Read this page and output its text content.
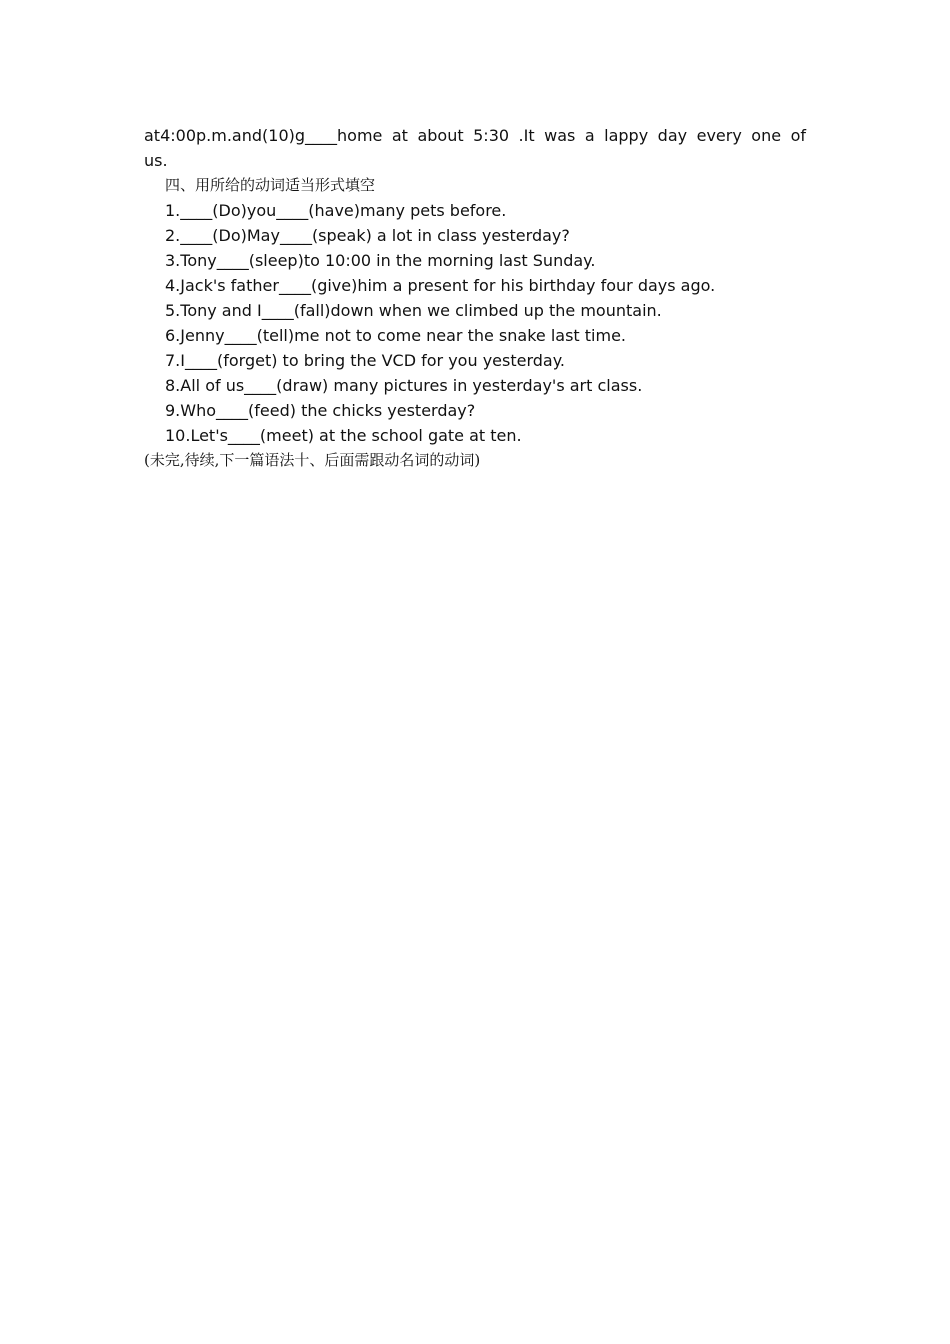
at4:00p.m.and(10)g____home at about 5:30 .It was a lappy day every one of
us.
四、用所给的动词适当形式填空
1.____(Do)you____(have)many pets before.
2.____(Do)May____(speak) a lot in class yesterday?
3.Tony____(sleep)to 10:00 in the morning last Sunday.
4.Jack's father____(give)him a present for his birthday four days ago.
5.Tony and I____(fall)down when we climbed up the mountain.
6.Jenny____(tell)me not to come near the snake last time.
7.I____(forget) to bring the VCD for you yesterday.
8.All of us____(draw) many pictures in yesterday's art class.
9.Who____(feed) the chicks yesterday?
10.Let's____(meet) at the school gate at ten.
(未完,待续,下一篇语法十、后面需跟动名词的动词)
